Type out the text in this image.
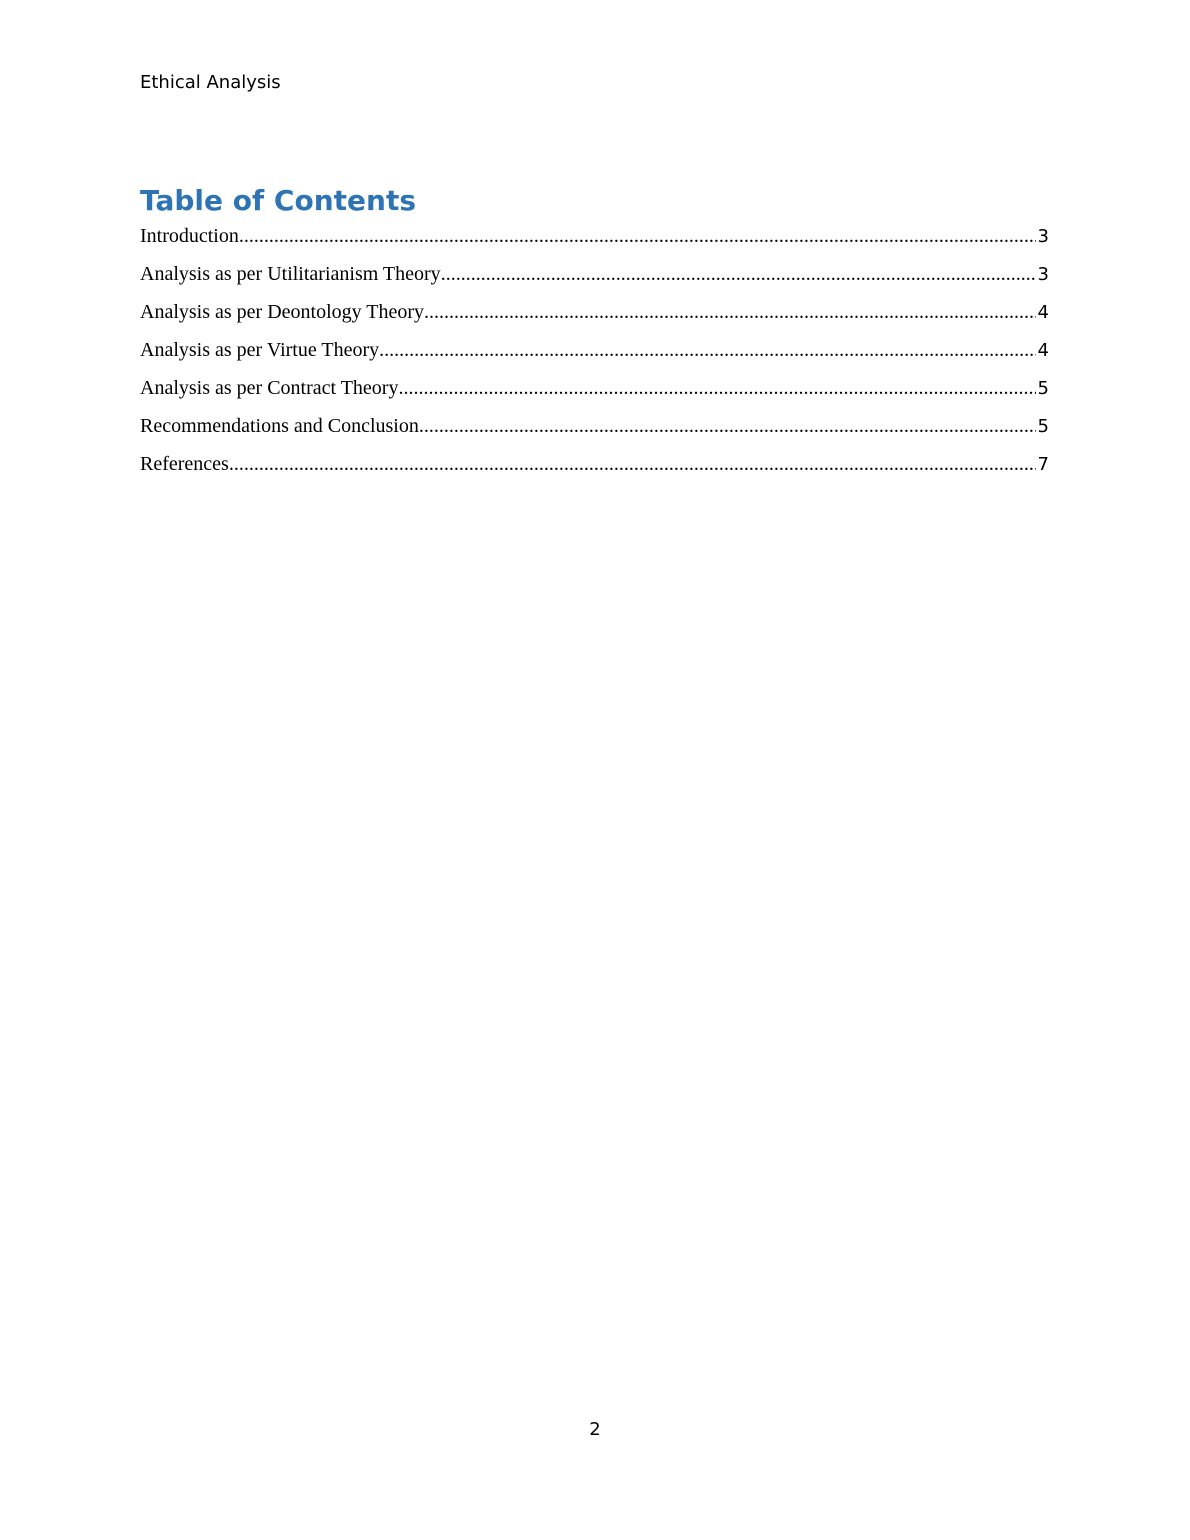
Ethical Analysis
Table of Contents
Introduction .....	3
Analysis as per Utilitarianism Theory .....	3
Analysis as per Deontology Theory .....	4
Analysis as per Virtue Theory .....	4
Analysis as per Contract Theory .....	5
Recommendations and Conclusion .....	5
References .....	7
2
